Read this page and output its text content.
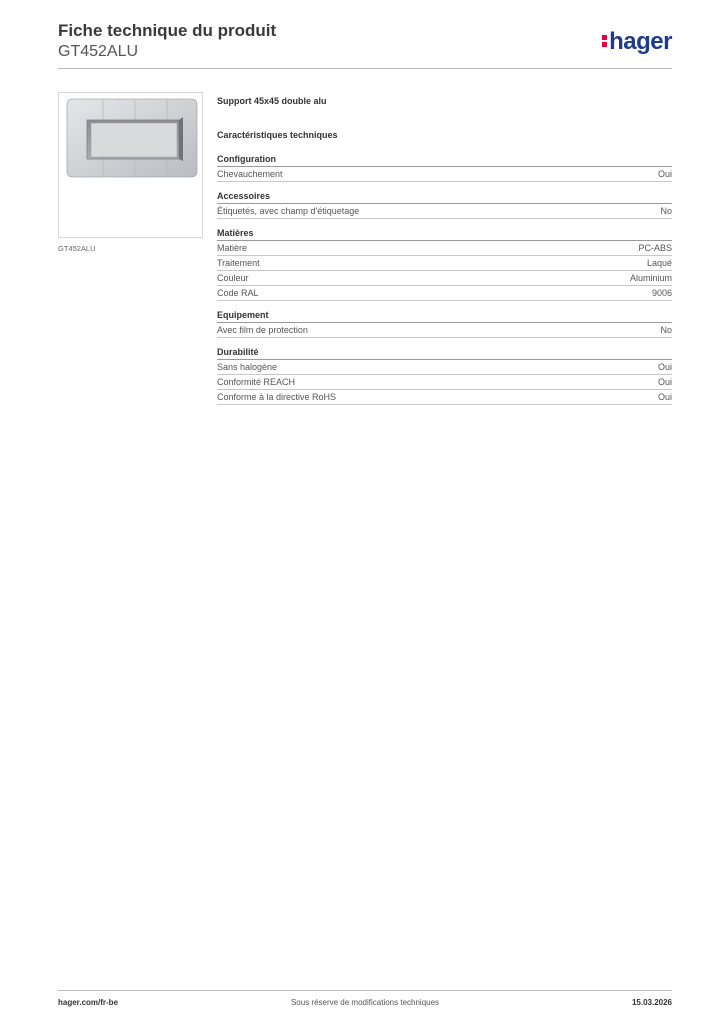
Fiche technique du produit

GT452ALU	hager
GT452ALU
Support 45x45 double alu
Caractéristiques techniques
Configuration
Chevauchement	Oui
Accessoires
Étiquetés, avec champ d'étiquetage	No
Matières
Matière	PC-ABS
Traitement	Laqué
Couleur	Aluminium
Code RAL	9006
Equipement
Avec film de protection	No
Durabilité
Sans halogène	Oui
Conformité REACH	Oui
Conforme à la directive RoHS	Oui
hager.com/fr-be	Sous réserve de modifications techniques	15.03.2026
